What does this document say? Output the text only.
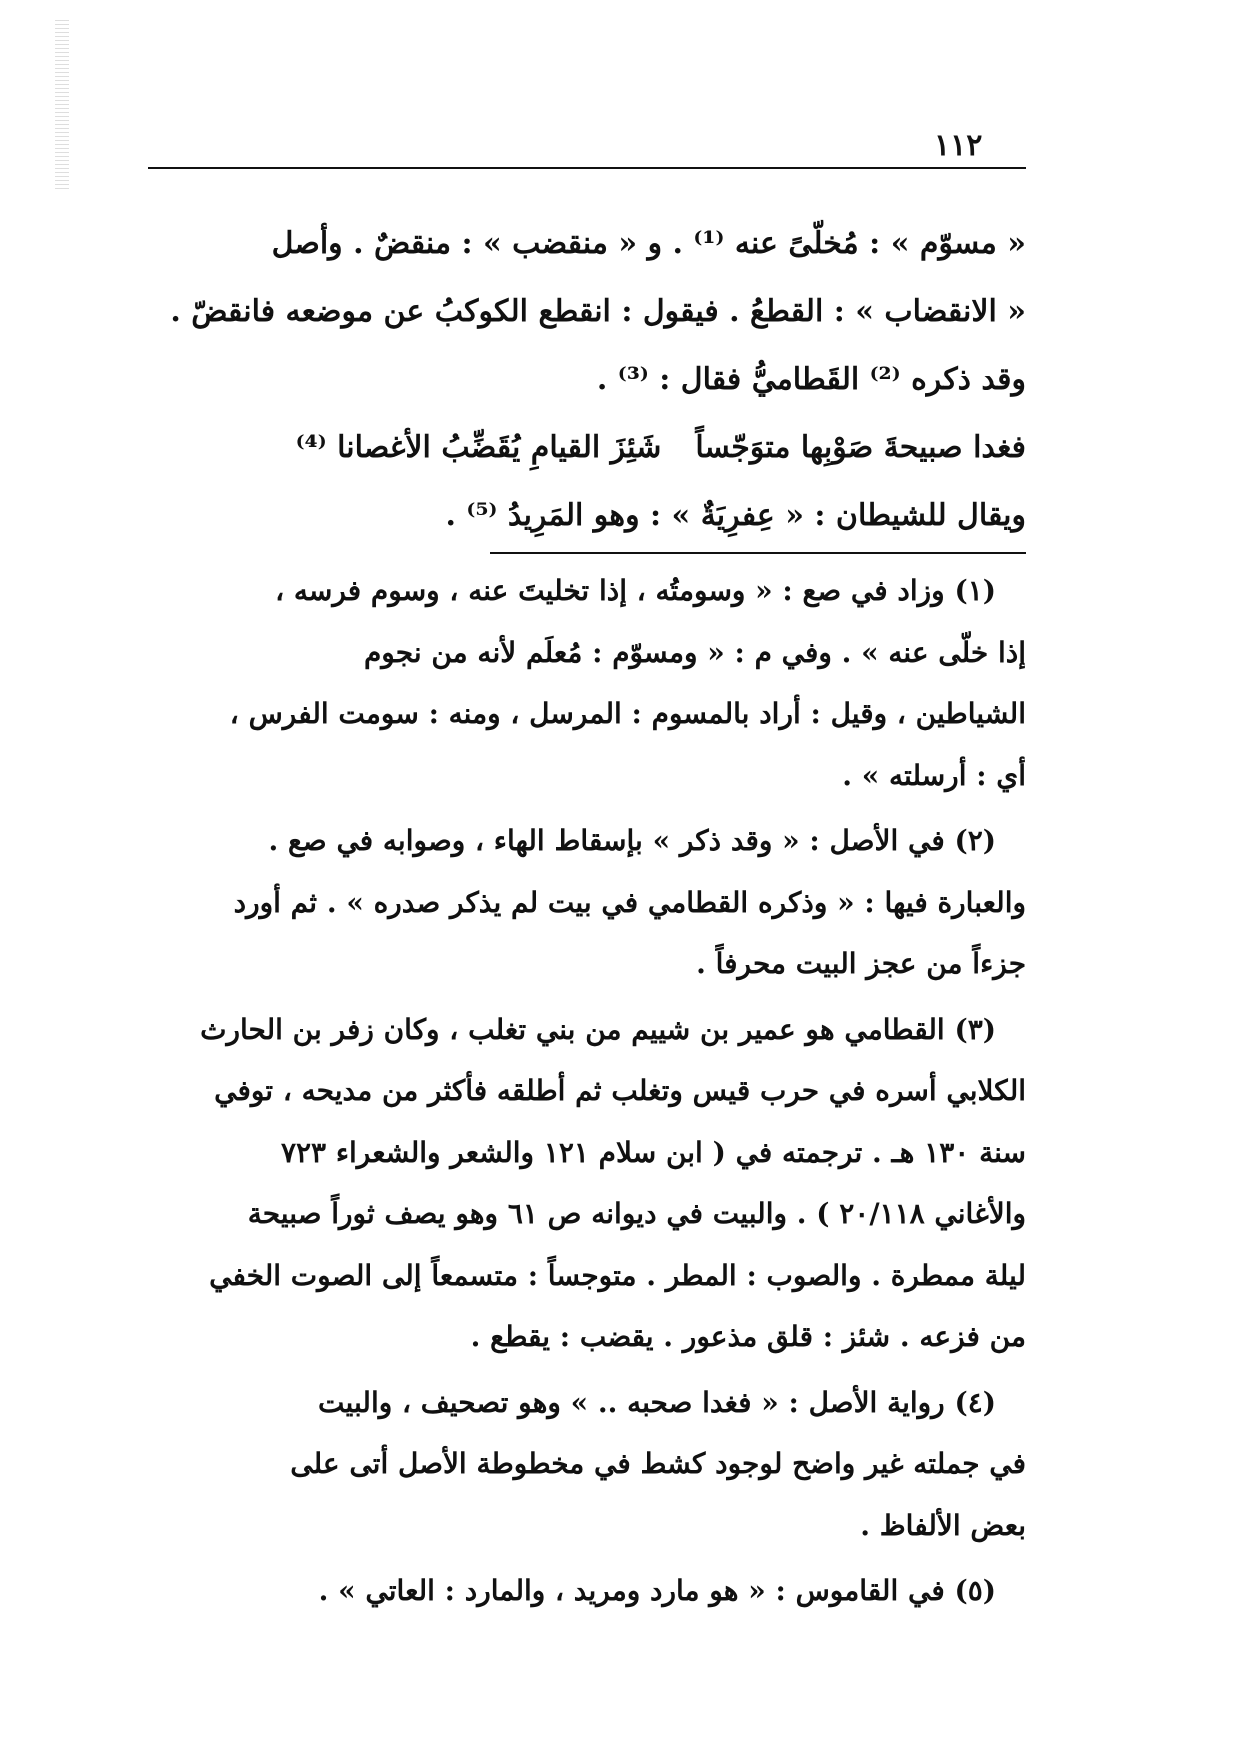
١١٢
« مسوّم » : مُخلّىً عنه ⁽¹⁾ . و « منقضب » : منقضٌ . وأصل
« الانقضاب » : القطعُ . فيقول : انقطع الكوكبُ عن موضعه فانقضّ .
وقد ذكره ⁽²⁾ القَطاميُّ فقال : ⁽³⁾ .
فغدا صبيحةَ صَوْبِها متوَجّساًشَئِزَ القيامِ يُقَضِّبُ الأغصانا ⁽⁴⁾
ويقال للشيطان : « عِفرِيَةٌ » : وهو المَرِيدُ ⁽⁵⁾ .
(١) وزاد في صع : « وسومتُه ، إذا تخليتَ عنه ، وسوم فرسه ،
إذا خلّى عنه » . وفي م : « ومسوّم : مُعلَم لأنه من نجوم
الشياطين ، وقيل : أراد بالمسوم : المرسل ، ومنه : سومت الفرس ،
أي : أرسلته » .
(٢) في الأصل : « وقد ذكر » بإسقاط الهاء ، وصوابه في صع .
والعبارة فيها : « وذكره القطامي في بيت لم يذكر صدره » . ثم أورد
جزءاً من عجز البيت محرفاً .
(٣) القطامي هو عمير بن شييم من بني تغلب ، وكان زفر بن الحارث
الكلابي أسره في حرب قيس وتغلب ثم أطلقه فأكثر من مديحه ، توفي
سنة ١٣٠ هـ . ترجمته في ( ابن سلام ١٢١ والشعر والشعراء ٧٢٣
والأغاني ٢٠/١١٨ ) . والبيت في ديوانه ص ٦١ وهو يصف ثوراً صبيحة
ليلة ممطرة . والصوب : المطر . متوجساً : متسمعاً إلى الصوت الخفي
من فزعه . شئز : قلق مذعور . يقضب : يقطع .
(٤) رواية الأصل : « فغدا صحبه .. » وهو تصحيف ، والبيت
في جملته غير واضح لوجود كشط في مخطوطة الأصل أتى على
بعض الألفاظ .
(٥) في القاموس : « هو مارد ومريد ، والمارد : العاتي » .
